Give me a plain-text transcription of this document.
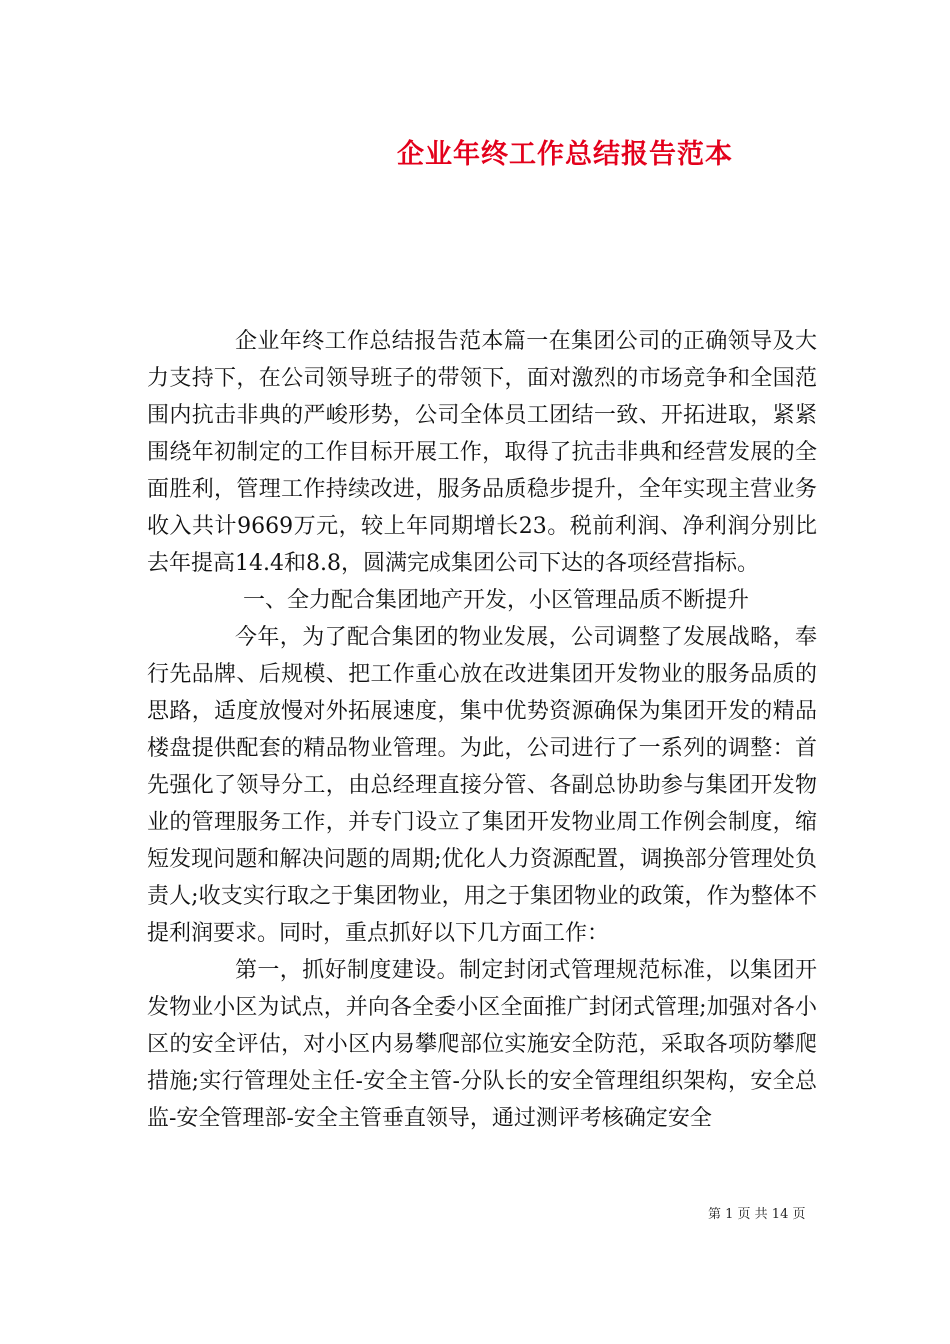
企业年终工作总结报告范本

企业年终工作总结报告范本篇一在集团公司的正确领导及大力支持下，在公司领导班子的带领下，面对激烈的市场竞争和全国范围内抗击非典的严峻形势，公司全体员工团结一致、开拓进取，紧紧围绕年初制定的工作目标开展工作，取得了抗击非典和经营发展的全面胜利，管理工作持续改进，服务品质稳步提升，全年实现主营业务收入共计9669万元，较上年同期增长23。税前利润、净利润分别比去年提高14.4和8.8，圆满完成集团公司下达的各项经营指标。

一、全力配合集团地产开发，小区管理品质不断提升

今年，为了配合集团的物业发展，公司调整了发展战略，奉行先品牌、后规模、把工作重心放在改进集团开发物业的服务品质的思路，适度放慢对外拓展速度，集中优势资源确保为集团开发的精品楼盘提供配套的精品物业管理。为此，公司进行了一系列的调整：首先强化了领导分工，由总经理直接分管、各副总协助参与集团开发物业的管理服务工作，并专门设立了集团开发物业周工作例会制度，缩短发现问题和解决问题的周期;优化人力资源配置，调换部分管理处负责人;收支实行取之于集团物业，用之于集团物业的政策，作为整体不提利润要求。同时，重点抓好以下几方面工作：

第一，抓好制度建设。制定封闭式管理规范标准，以集团开发物业小区为试点，并向各全委小区全面推广封闭式管理;加强对各小区的安全评估，对小区内易攀爬部位实施安全防范，采取各项防攀爬措施;实行管理处主任-安全主管-分队长的安全管理组织架构，安全总监-安全管理部-安全主管垂直领导，通过测评考核确定安全

第 1 页 共 14 页
